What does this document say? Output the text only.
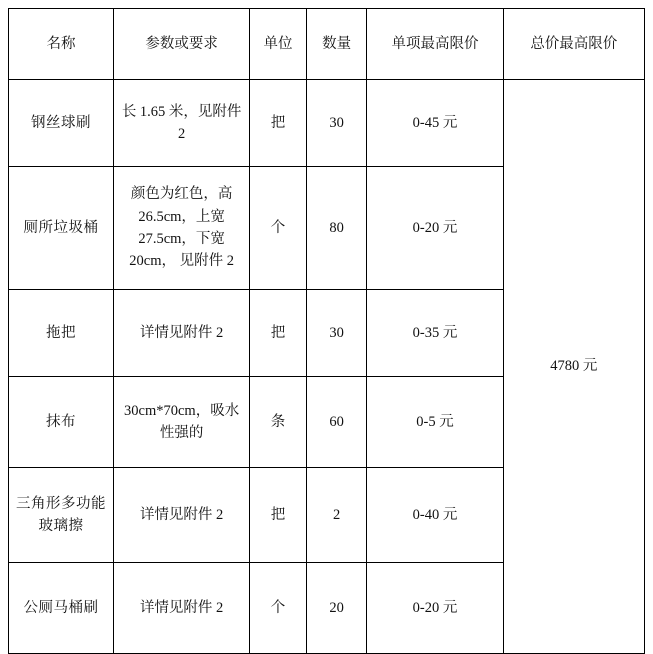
名称	参数或要求	单位	数量	单项最高限价	总价最高限价
钢丝球刷	长 1.65 米，见附件 2	把	30	0-45 元	4780 元
厕所垃圾桶	颜色为红色，高 26.5cm，上宽 27.5cm，下宽 20cm， 见附件 2	个	80	0-20 元	
拖把	详情见附件 2	把	30	0-35 元	
抹布	30cm*70cm，吸水性强的	条	60	0-5 元	
三角形多功能玻璃擦	详情见附件 2	把	2	0-40 元	
公厕马桶刷	详情见附件 2	个	20	0-20 元	
